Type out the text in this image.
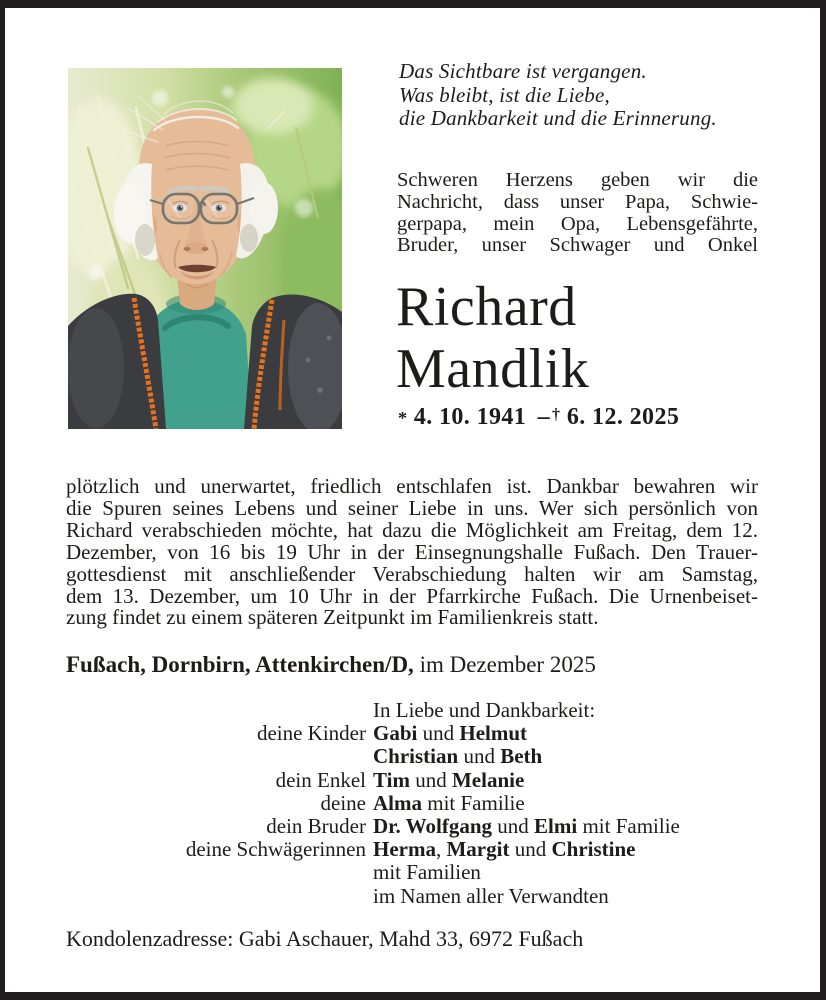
Das Sichtbare ist vergangen.
Was bleibt, ist die Liebe,
die Dankbarkeit und die Erinnerung.
Schweren Herzens geben wir die
Nachricht, dass unser Papa, Schwie-
gerpapa, mein Opa, Lebensgefährte,
Bruder, unser Schwager und Onkel
Richard
Mandlik
* 4. 10. 1941 – † 6. 12. 2025
plötzlich und unerwartet, friedlich entschlafen ist. Dankbar bewahren wir
die Spuren seines Lebens und seiner Liebe in uns. Wer sich persönlich von
Richard verabschieden möchte, hat dazu die Möglichkeit am Freitag, dem 12.
Dezember, von 16 bis 19 Uhr in der Einsegnungshalle Fußach. Den Trauer-
gottesdienst mit anschließender Verabschiedung halten wir am Samstag,
dem 13. Dezember, um 10 Uhr in der Pfarrkirche Fußach. Die Urnenbeiset-
zung findet zu einem späteren Zeitpunkt im Familienkreis statt.
Fußach, Dornbirn, Attenkirchen/D, im Dezember 2025
In Liebe und Dankbarkeit:
deine Kinder Gabi und Helmut
Christian und Beth
dein Enkel Tim und Melanie
deine Alma mit Familie
dein Bruder Dr. Wolfgang und Elmi mit Familie
deine Schwägerinnen Herma, Margit und Christine
mit Familien
im Namen aller Verwandten
Kondolenzadresse: Gabi Aschauer, Mahd 33, 6972 Fußach
